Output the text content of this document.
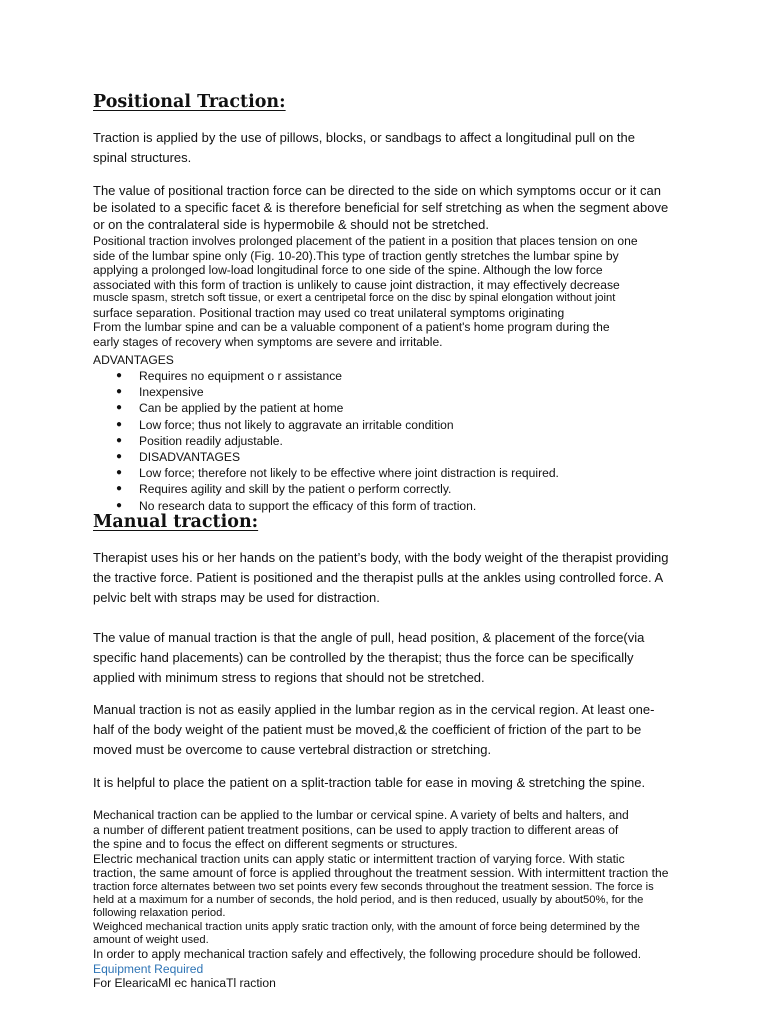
Positional Traction:

Traction is applied by the use of pillows, blocks, or sandbags to affect a longitudinal pull on the spinal structures.

The value of positional traction force can be directed to the side on which symptoms occur or it can be isolated to a specific facet & is therefore beneficial for self stretching as when the segment above or on the contralateral side is hypermobile & should not be stretched.

Positional traction involves prolonged placement of the patient in a position that places tension on one
side of the lumbar spine only (Fig. 10-20).This type of traction gently stretches the lumbar spine by
applying a prolonged low-load longitudinal force to one side of the spine. Although the low force
associated with this form of traction is unlikely to cause joint distraction, it may effectively decrease
muscle spasm, stretch soft tissue, or exert a centripetal force on the disc by spinal elongation without joint
surface separation. Positional traction may used co treat unilateral symptoms originating
From the lumbar spine and can be a valuable component of a patient's home program during the
early stages of recovery when symptoms are severe and irritable.
ADVANTAGES
● Requires no equipment o r assistance
● Inexpensive
● Can be applied by the patient at home
● Low force; thus not likely to aggravate an irritable condition
● Position readily adjustable.
● DISADVANTAGES
● Low force; therefore not likely to be effective where joint distraction is required.
● Requires agility and skill by the patient o perform correctly.
● No research data to support the efficacy of this form of traction.
Manual traction:

Therapist uses his or her hands on the patient’s body, with the body weight of the therapist providing the tractive force. Patient is positioned and the therapist pulls at the ankles using controlled force. A pelvic belt with straps may be used for distraction.

The value of manual traction is that the angle of pull, head position, & placement of the force(via specific hand placements) can be controlled by the therapist; thus the force can be specifically applied with minimum stress to regions that should not be stretched.

Manual traction is not as easily applied in the lumbar region as in the cervical region. At least one-half of the body weight of the patient must be moved,& the coefficient of friction of the part to be moved must be overcome to cause vertebral distraction or stretching.

It is helpful to place the patient on a split-traction table for ease in moving & stretching the spine.

Mechanical traction can be applied to the lumbar or cervical spine. A variety of belts and halters, and
a number of different patient treatment positions, can be used to apply traction to different areas of
the spine and to focus the effect on different segments or structures.
Electric mechanical traction units can apply static or intermittent traction of varying force. With static
traction, the same amount of force is applied throughout the treatment session. With intermittent traction the
traction force alternates between two set points every few seconds throughout the treatment session. The force is
held at a maximum for a number of seconds, the hold period, and is then reduced, usually by about50%, for the
following relaxation period.
Weighced mechanical traction units apply sratic traction only, with the amount of force being determined by the
amount of weight used.
In order to apply mechanical traction safely and effectively, the following procedure should be followed.
Equipment Required
For ElearicaMl ec hanicaTl raction
